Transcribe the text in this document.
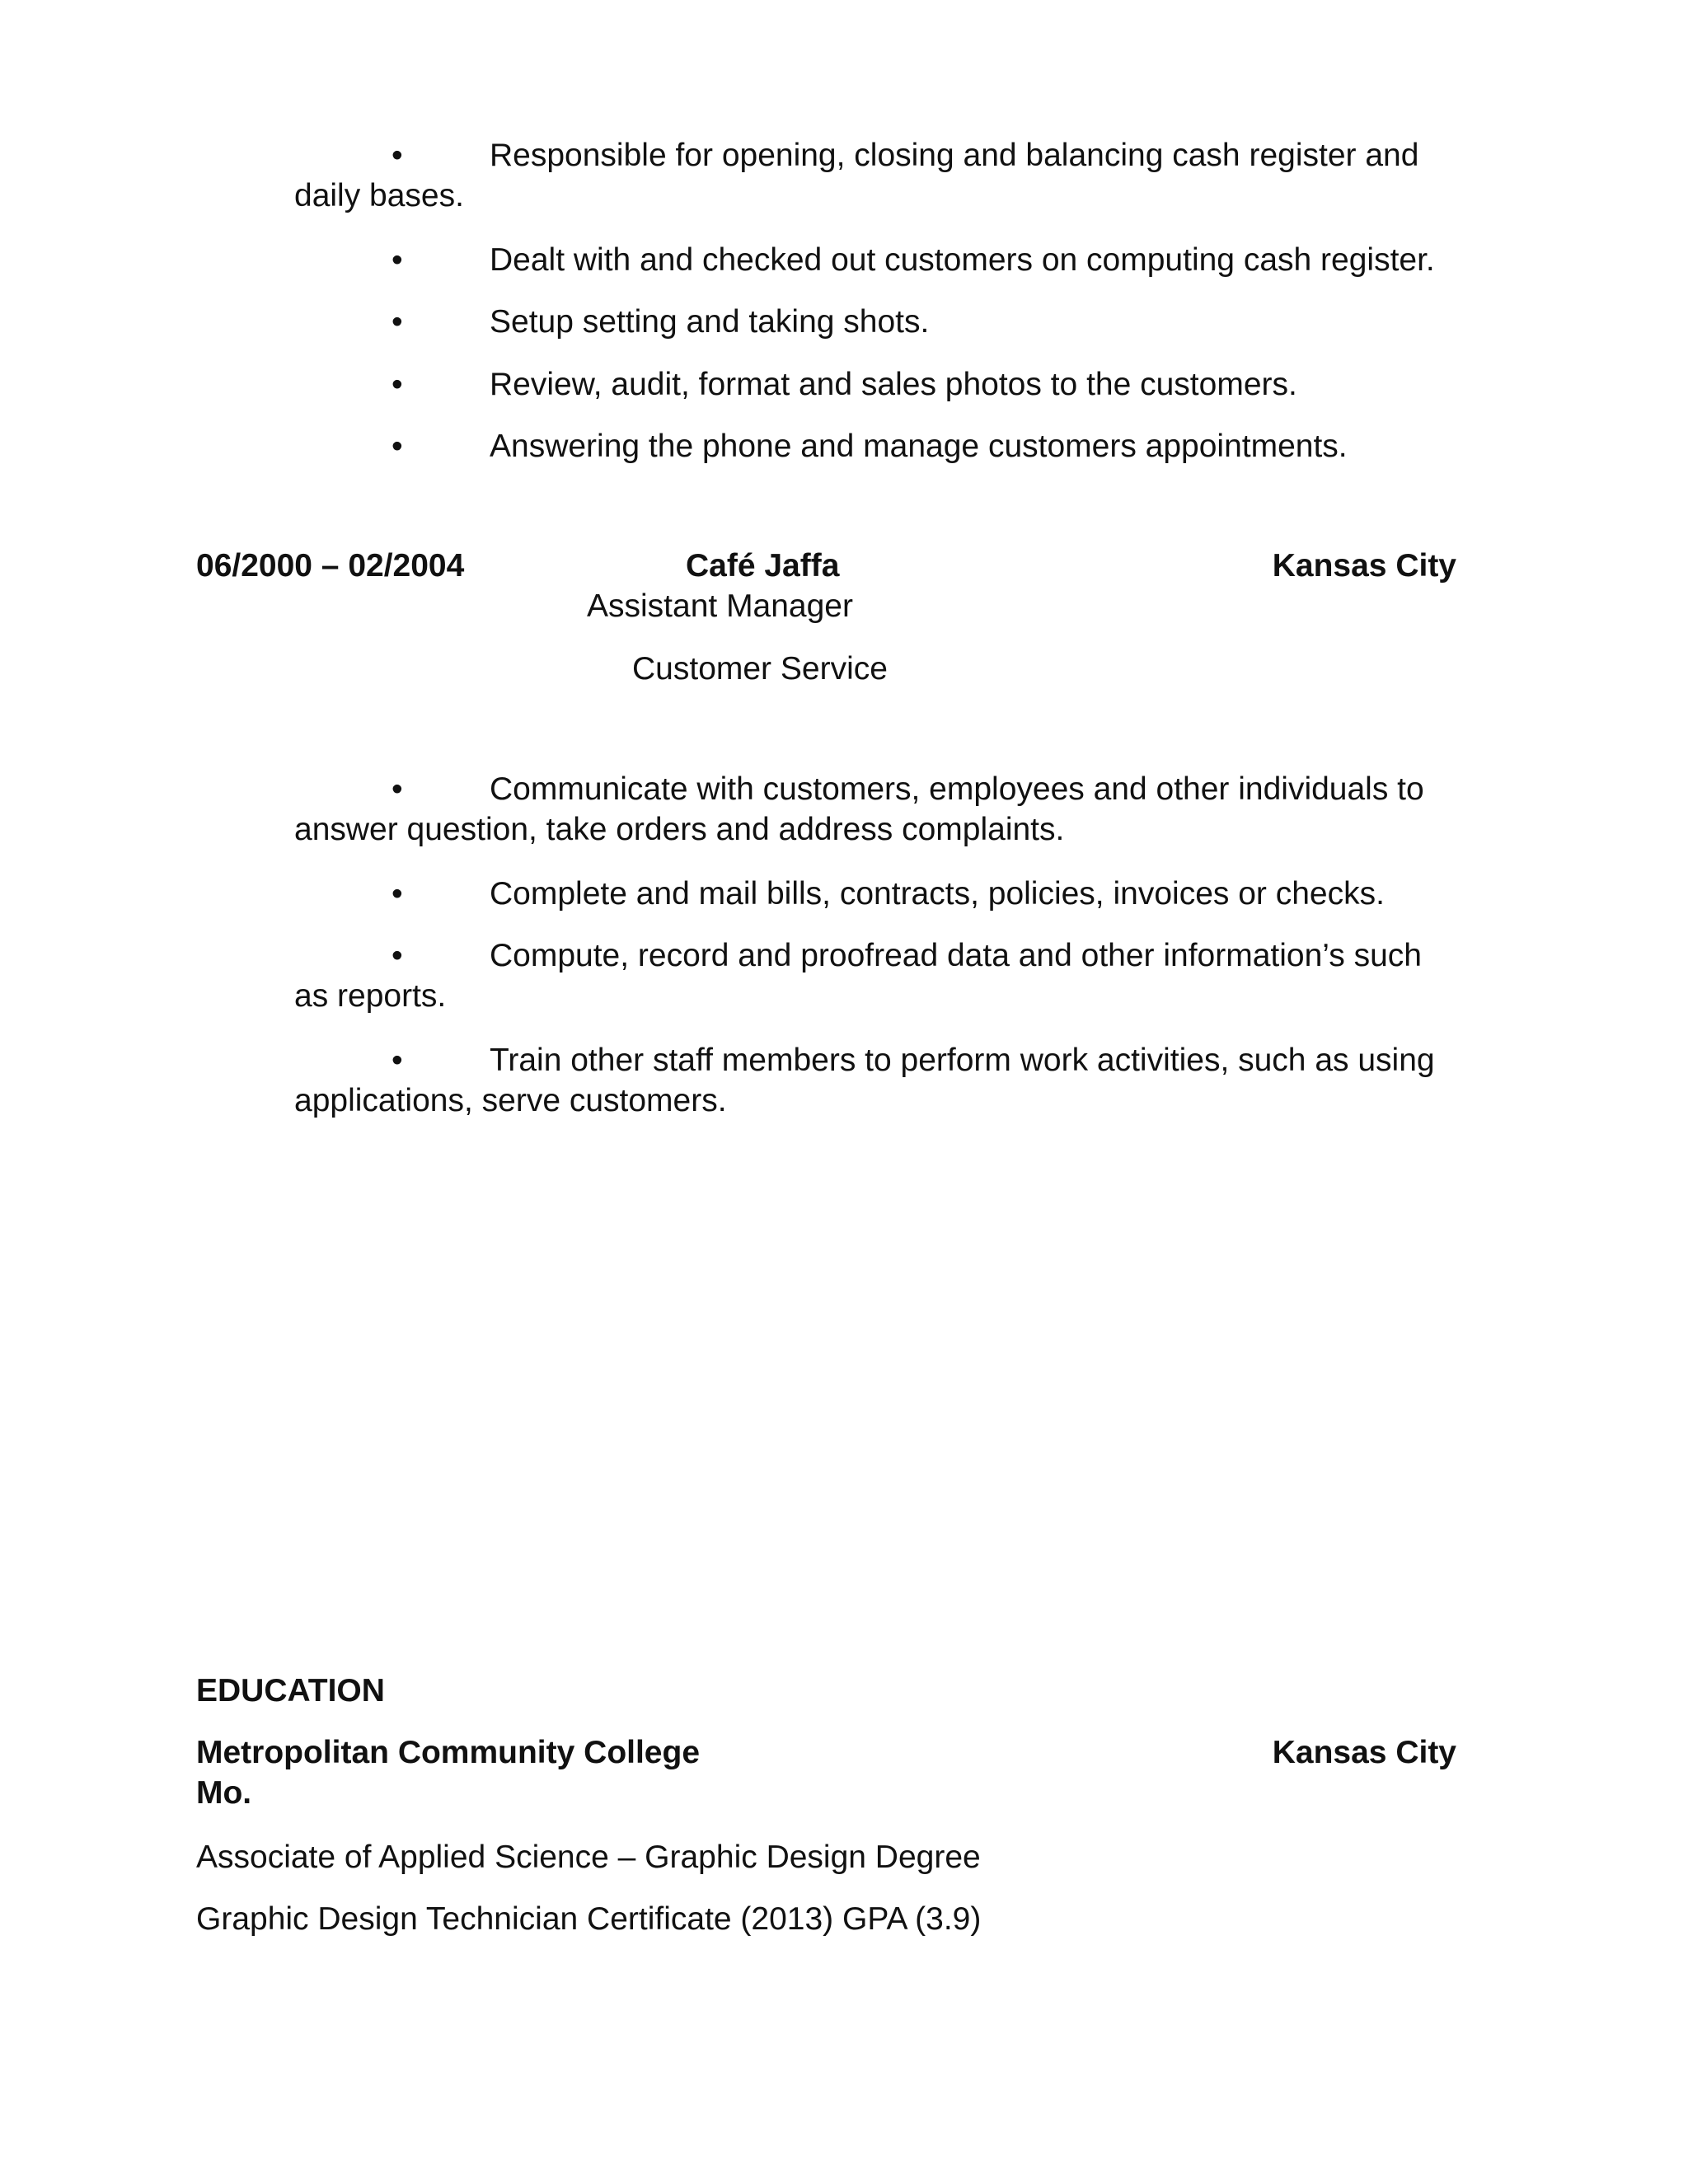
•	Responsible for opening, closing and balancing cash register and
daily bases.
•	Dealt with and checked out customers on computing cash register.
•	Setup setting and taking shots.
•	Review, audit, format and sales photos to the customers.
•	Answering the phone and manage customers appointments.
06/2000 – 02/2004	Café Jaffa	Kansas City
Assistant Manager
Customer Service
•	Communicate with customers, employees and other individuals to
answer question, take orders and address complaints.
•	Complete and mail bills, contracts, policies, invoices or checks.
•	Compute, record and proofread data and other information’s such
as reports.
•	Train other staff members to perform work activities, such as using
applications, serve customers.
EDUCATION
Metropolitan Community College	Kansas City
Mo.
Associate of Applied Science – Graphic Design Degree
Graphic Design Technician Certificate (2013) GPA (3.9)
